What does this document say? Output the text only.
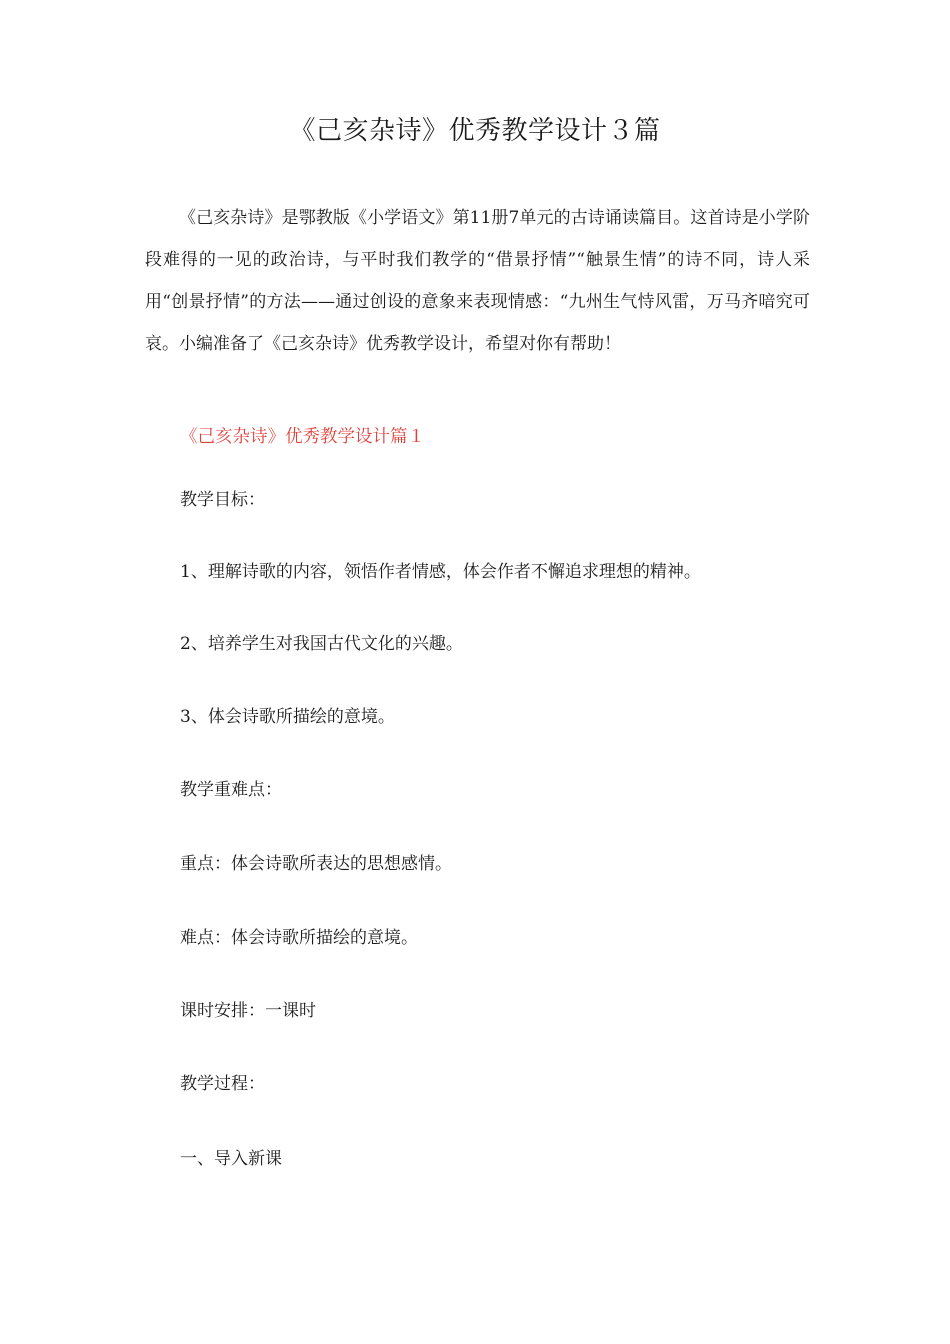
《己亥杂诗》优秀教学设计３篇

《己亥杂诗》是鄂教版《小学语文》第11册7单元的古诗诵读篇目。这首诗是小学阶段难得的一见的政治诗，与平时我们教学的“借景抒情”“触景生情”的诗不同，诗人采用“创景抒情”的方法——通过创设的意象来表现情感：“九州生气恃风雷，万马齐喑究可哀。小编准备了《己亥杂诗》优秀教学设计，希望对你有帮助！

《己亥杂诗》优秀教学设计篇１

教学目标：

1、理解诗歌的内容，领悟作者情感，体会作者不懈追求理想的精神。

2、培养学生对我国古代文化的兴趣。

3、体会诗歌所描绘的意境。

教学重难点：

重点：体会诗歌所表达的思想感情。

难点：体会诗歌所描绘的意境。

课时安排：一课时

教学过程：

一、导入新课
